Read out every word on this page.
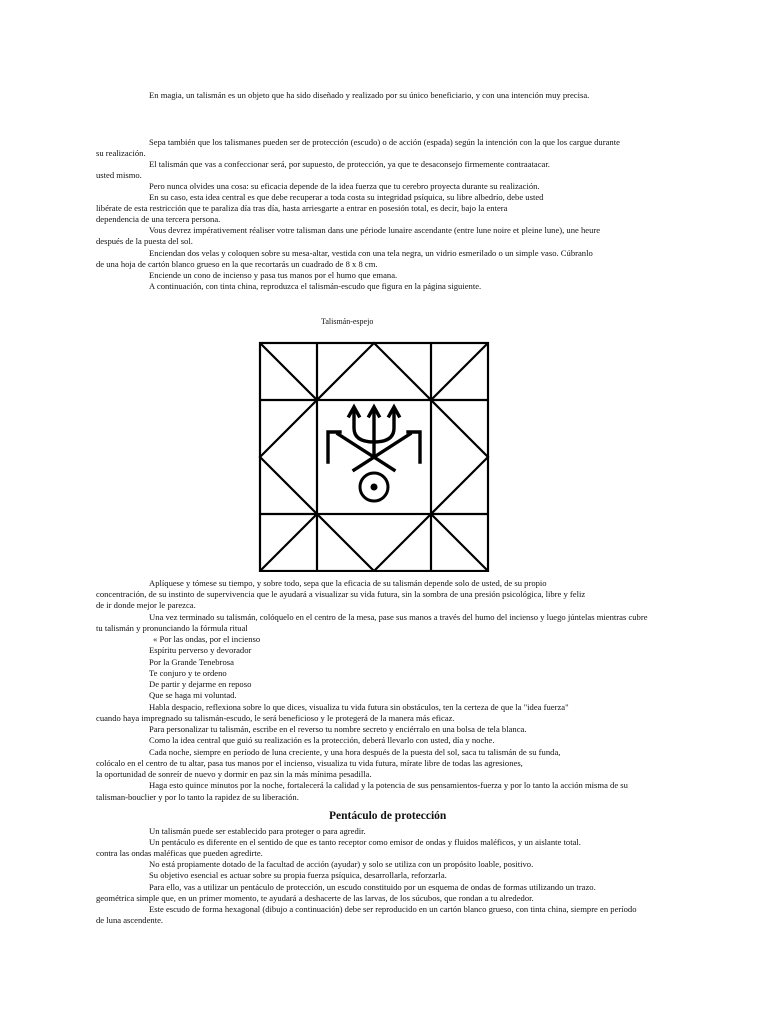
En magia, un talismán es un objeto que ha sido diseñado y realizado por su único beneficiario, y con una intención muy precisa.
Sepa también que los talismanes pueden ser de protección (escudo) o de acción (espada) según la intención con la que los cargue durante
su realización.
El talismán que vas a confeccionar será, por supuesto, de protección, ya que te desaconsejo firmemente contraatacar.
usted mismo.
Pero nunca olvides una cosa: su eficacia depende de la idea fuerza que tu cerebro proyecta durante su realización.
En su caso, esta idea central es que debe recuperar a toda costa su integridad psíquica, su libre albedrío, debe usted
libérate de esta restricción que te paraliza día tras día, hasta arriesgarte a entrar en posesión total, es decir, bajo la entera
dependencia de una tercera persona.
Vous devrez impérativement réaliser votre talisman dans une période lunaire ascendante (entre lune noire et pleine lune), une heure
después de la puesta del sol.
Enciendan dos velas y coloquen sobre su mesa-altar, vestida con una tela negra, un vidrio esmerilado o un simple vaso. Cúbranlo
de una hoja de cartón blanco grueso en la que recortarás un cuadrado de 8 x 8 cm.
Enciende un cono de incienso y pasa tus manos por el humo que emana.
A continuación, con tinta china, reproduzca el talismán-escudo que figura en la página siguiente.
Talismán-espejo
Aplíquese y tómese su tiempo, y sobre todo, sepa que la eficacia de su talismán depende solo de usted, de su propio
concentración, de su instinto de supervivencia que le ayudará a visualizar su vida futura, sin la sombra de una presión psicológica, libre y feliz
de ir donde mejor le parezca.
Una vez terminado su talismán, colóquelo en el centro de la mesa, pase sus manos a través del humo del incienso y luego júntelas mientras cubre
tu talismán y pronunciando la fórmula ritual
« Por las ondas, por el incienso
Espíritu perverso y devorador
Por la Grande Tenebrosa
Te conjuro y te ordeno
De partir y dejarme en reposo
Que se haga mi voluntad.
Habla despacio, reflexiona sobre lo que dices, visualiza tu vida futura sin obstáculos, ten la certeza de que la "idea fuerza"
cuando haya impregnado su talismán-escudo, le será beneficioso y le protegerá de la manera más eficaz.
Para personalizar tu talismán, escribe en el reverso tu nombre secreto y enciérralo en una bolsa de tela blanca.
Como la idea central que guió su realización es la protección, deberá llevarlo con usted, día y noche.
Cada noche, siempre en período de luna creciente, y una hora después de la puesta del sol, saca tu talismán de su funda,
colócalo en el centro de tu altar, pasa tus manos por el incienso, visualiza tu vida futura, mírate libre de todas las agresiones,
la oportunidad de sonreír de nuevo y dormir en paz sin la más mínima pesadilla.
Haga esto quince minutos por la noche, fortalecerá la calidad y la potencia de sus pensamientos-fuerza y por lo tanto la acción misma de su
talisman-bouclier y por lo tanto la rapidez de su liberación.
Pentáculo de protección
Un talismán puede ser establecido para proteger o para agredir.
Un pentáculo es diferente en el sentido de que es tanto receptor como emisor de ondas y fluidos maléficos, y un aislante total.
contra las ondas maléficas que pueden agredirte.
No está propiamente dotado de la facultad de acción (ayudar) y solo se utiliza con un propósito loable, positivo.
Su objetivo esencial es actuar sobre su propia fuerza psíquica, desarrollarla, reforzarla.
Para ello, vas a utilizar un pentáculo de protección, un escudo constituido por un esquema de ondas de formas utilizando un trazo.
geométrica simple que, en un primer momento, te ayudará a deshacerte de las larvas, de los súcubos, que rondan a tu alrededor.
Este escudo de forma hexagonal (dibujo a continuación) debe ser reproducido en un cartón blanco grueso, con tinta china, siempre en período
de luna ascendente.
